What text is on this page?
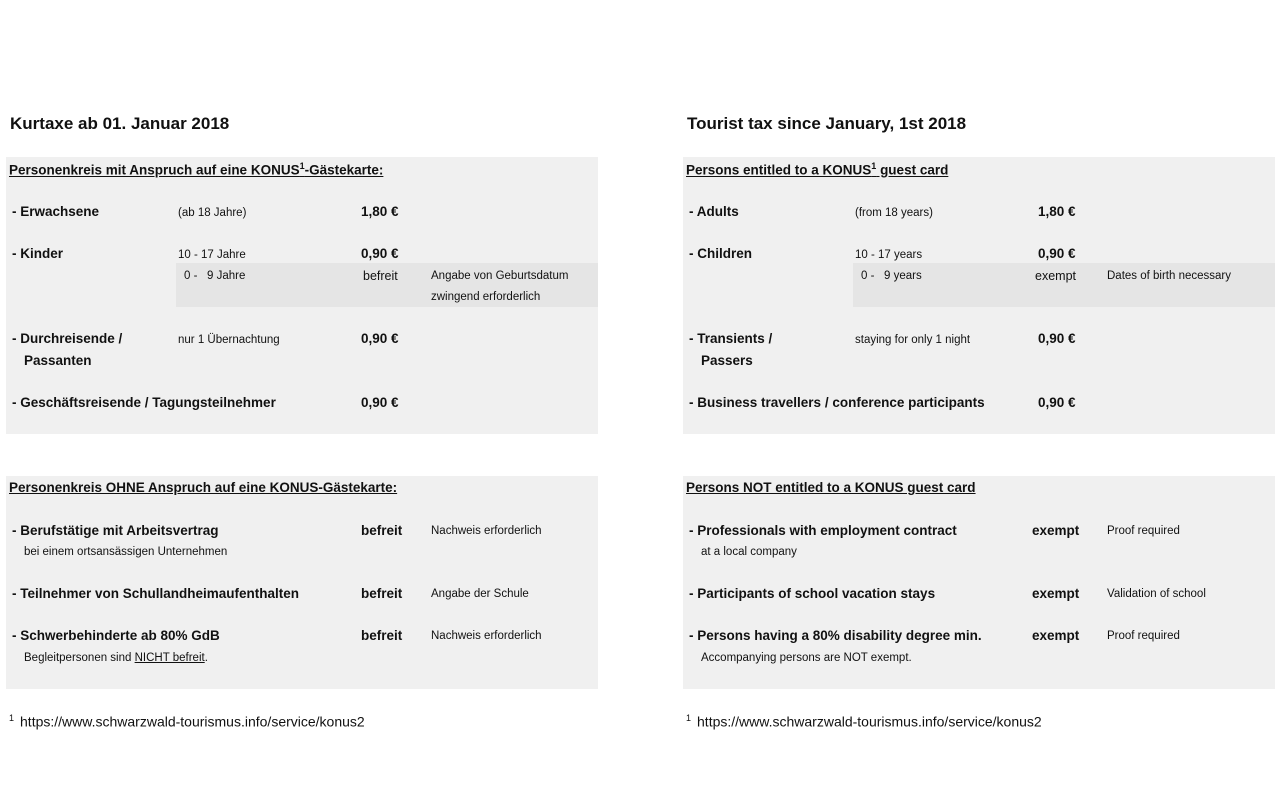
Kurtaxe ab 01. Januar 2018
Personenkreis mit Anspruch auf eine KONUS$^1$-Gästekarte:
- Erwachsene	(ab 18 Jahre)	1,80 €
- Kinder	10 - 17 Jahre	0,90 €
0 -   9 Jahre	befreit	Angabe von Geburtsdatum
zwingend erforderlich
- Durchreisende /
Passanten
nur 1 Übernachtung	0,90 €
- Geschäftsreisende / Tagungsteilnehmer	0,90 €
Personenkreis OHNE Anspruch auf eine KONUS-Gästekarte:
- Berufstätige mit Arbeitsvertrag
bei einem ortsansässigen Unternehmen
befreit Nachweis erforderlich
- Teilnehmer von Schullandheimaufenthalten	befreit Angabe der Schule
- Schwerbehinderte ab 80% GdB
Begleitpersonen sind NICHT befreit.
befreit Nachweis erforderlich
$^1$ https://www.schwarzwald-tourismus.info/service/konus2
Tourist tax since January, 1st 2018
Persons entitled to a KONUS$^1$ guest card
- Adults	(from 18 years)	1,80 €
- Children	10 - 17 years	0,90 €
0 -   9 years	exempt	Dates of birth necessary
- Transients /
Passers
staying for only 1 night	0,90 €
- Business travellers / conference participants	0,90 €
Persons NOT entitled to a KONUS guest card
- Professionals with employment contract
at a local company
exempt Proof required
- Participants of school vacation stays	exempt Validation of school
- Persons having a 80% disability degree min.
Accompanying persons are NOT exempt.
exempt Proof required
$^1$ https://www.schwarzwald-tourismus.info/service/konus2
